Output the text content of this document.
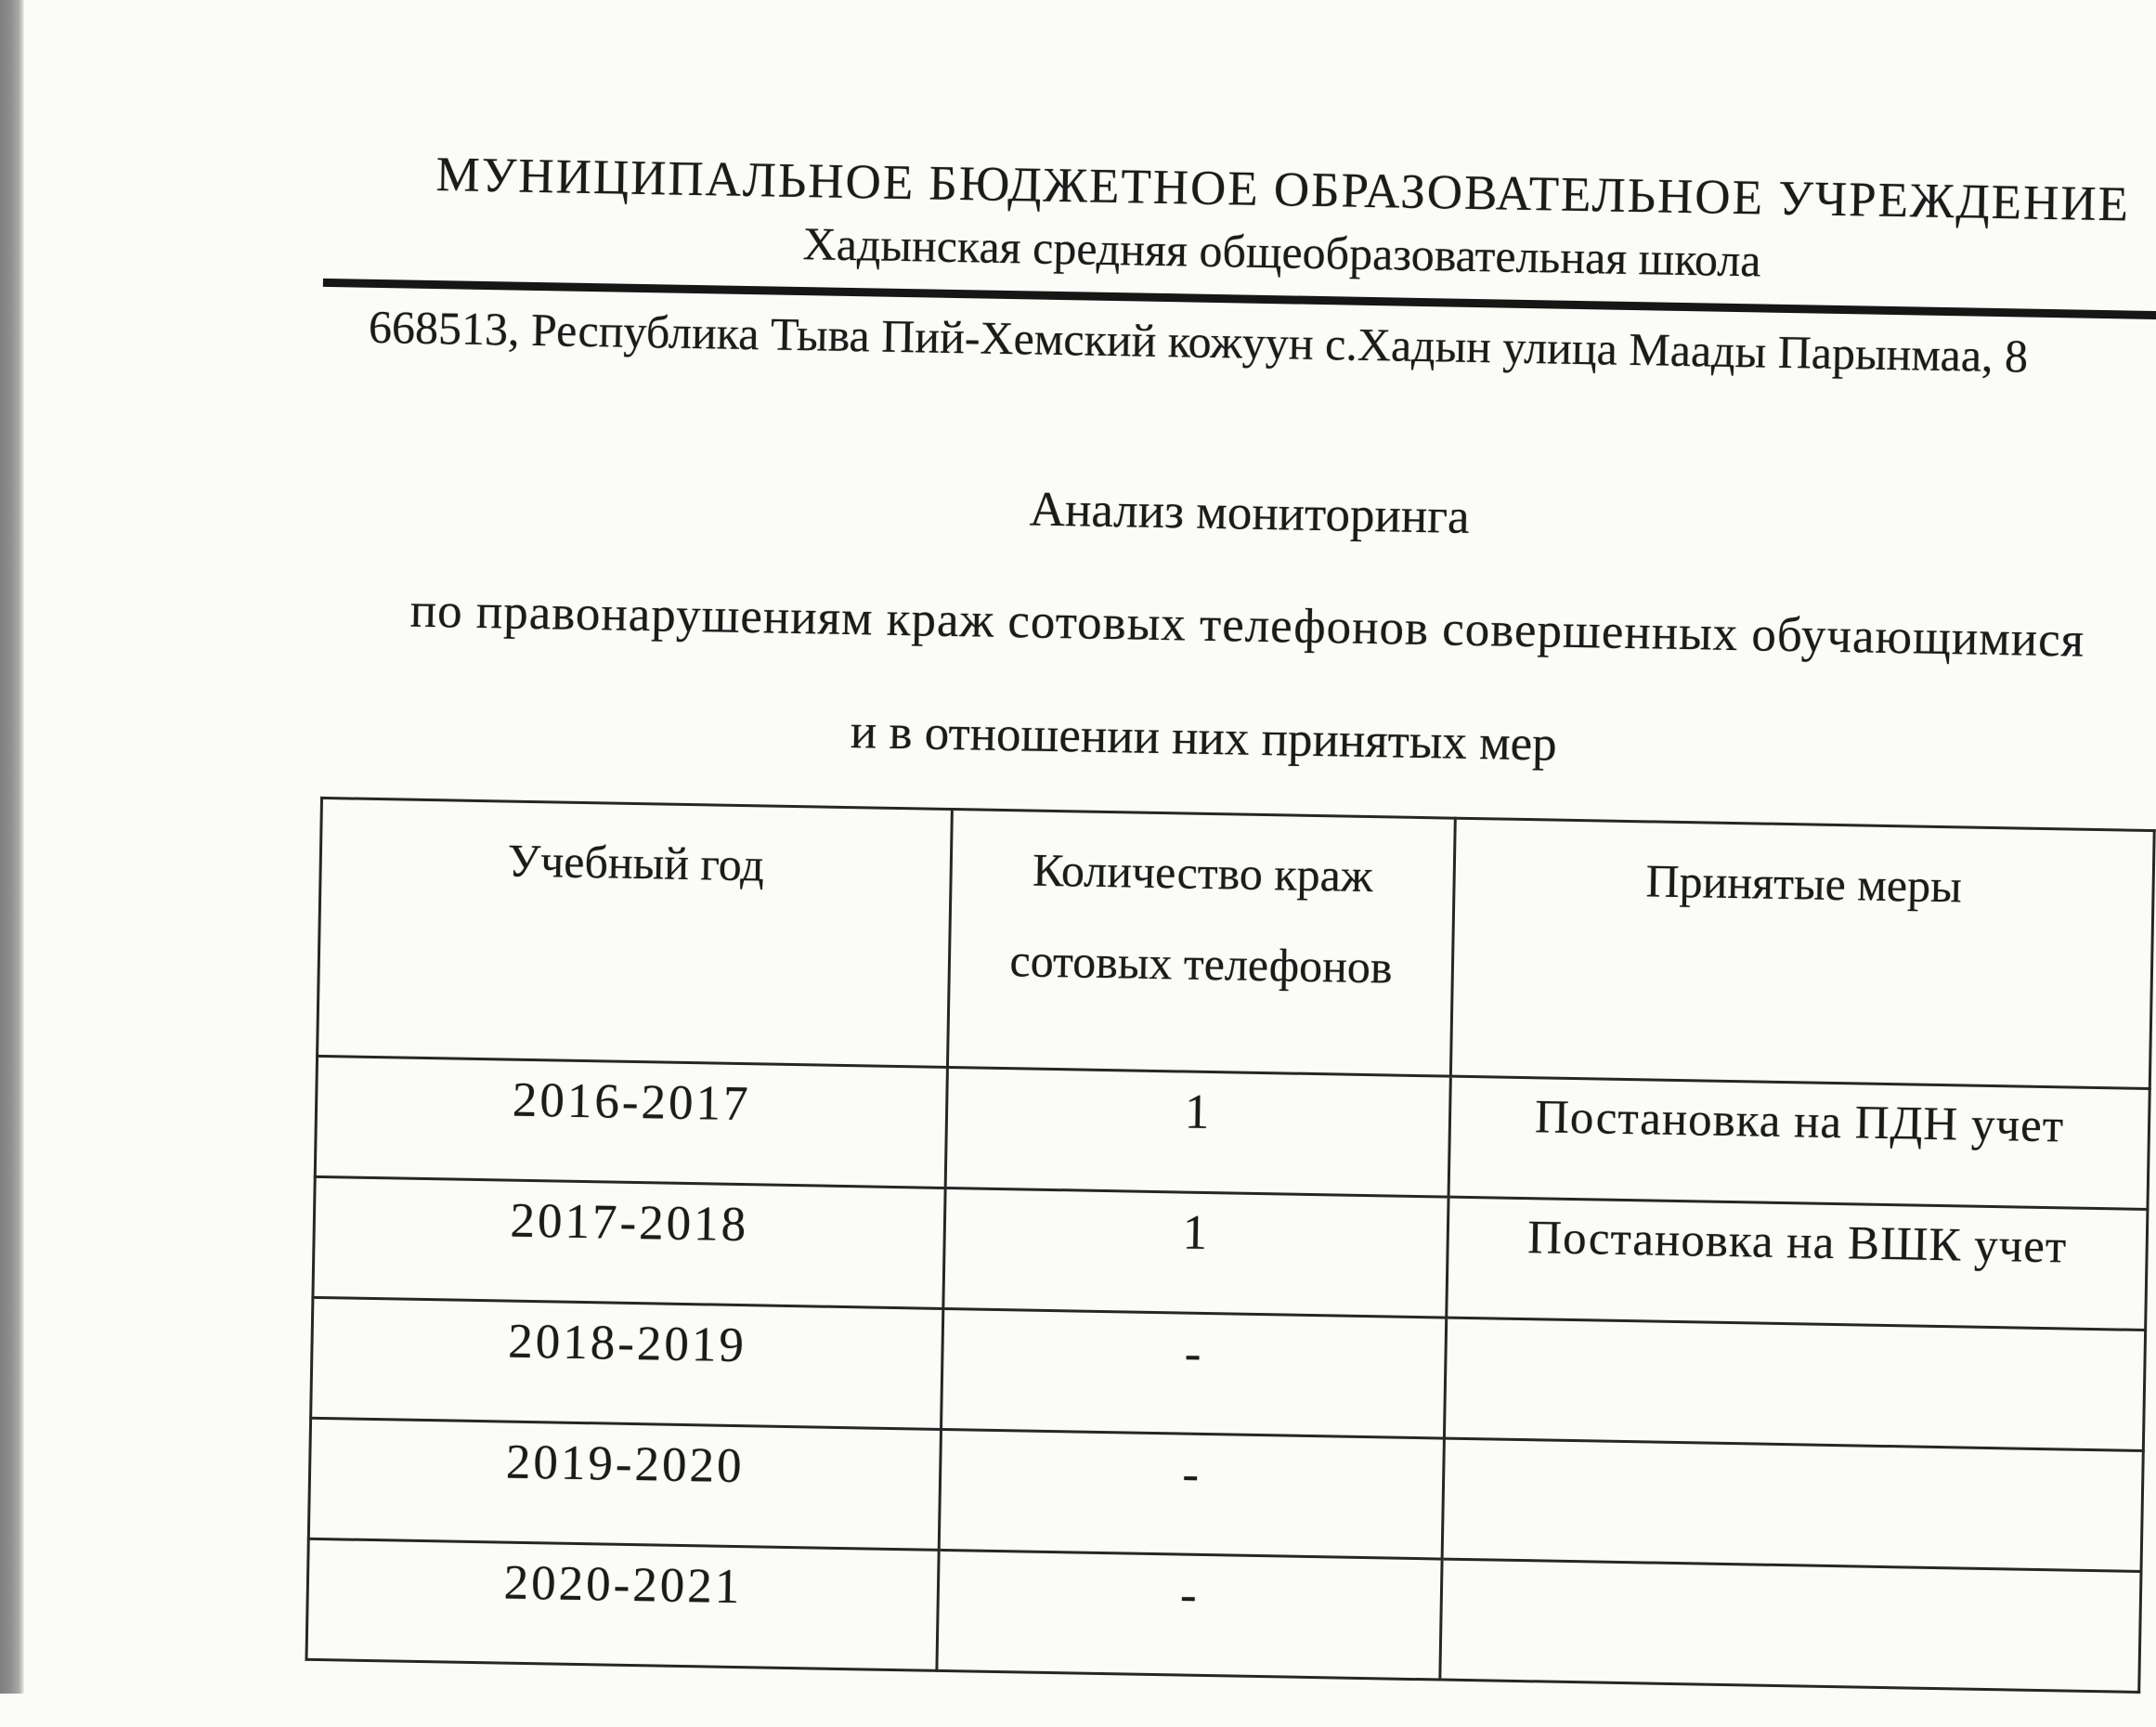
МУНИЦИПАЛЬНОЕ БЮДЖЕТНОЕ ОБРАЗОВАТЕЛЬНОЕ УЧРЕЖДЕНИЕ
Хадынская средняя общеобразовательная школа
668513, Республика Тыва Пий-Хемский кожуун с.Хадын улица Маады Парынмаа, 8
Анализ мониторинга
по правонарушениям краж сотовых телефонов совершенных обучающимися
и в отношении них принятых мер
Учебный год	Количество краж сотовых телефонов	Принятые меры
2016-2017	1	Постановка на ПДН учет
2017-2018	1	Постановка на ВШК учет
2018-2019	-	
2019-2020	-	
2020-2021	-	
